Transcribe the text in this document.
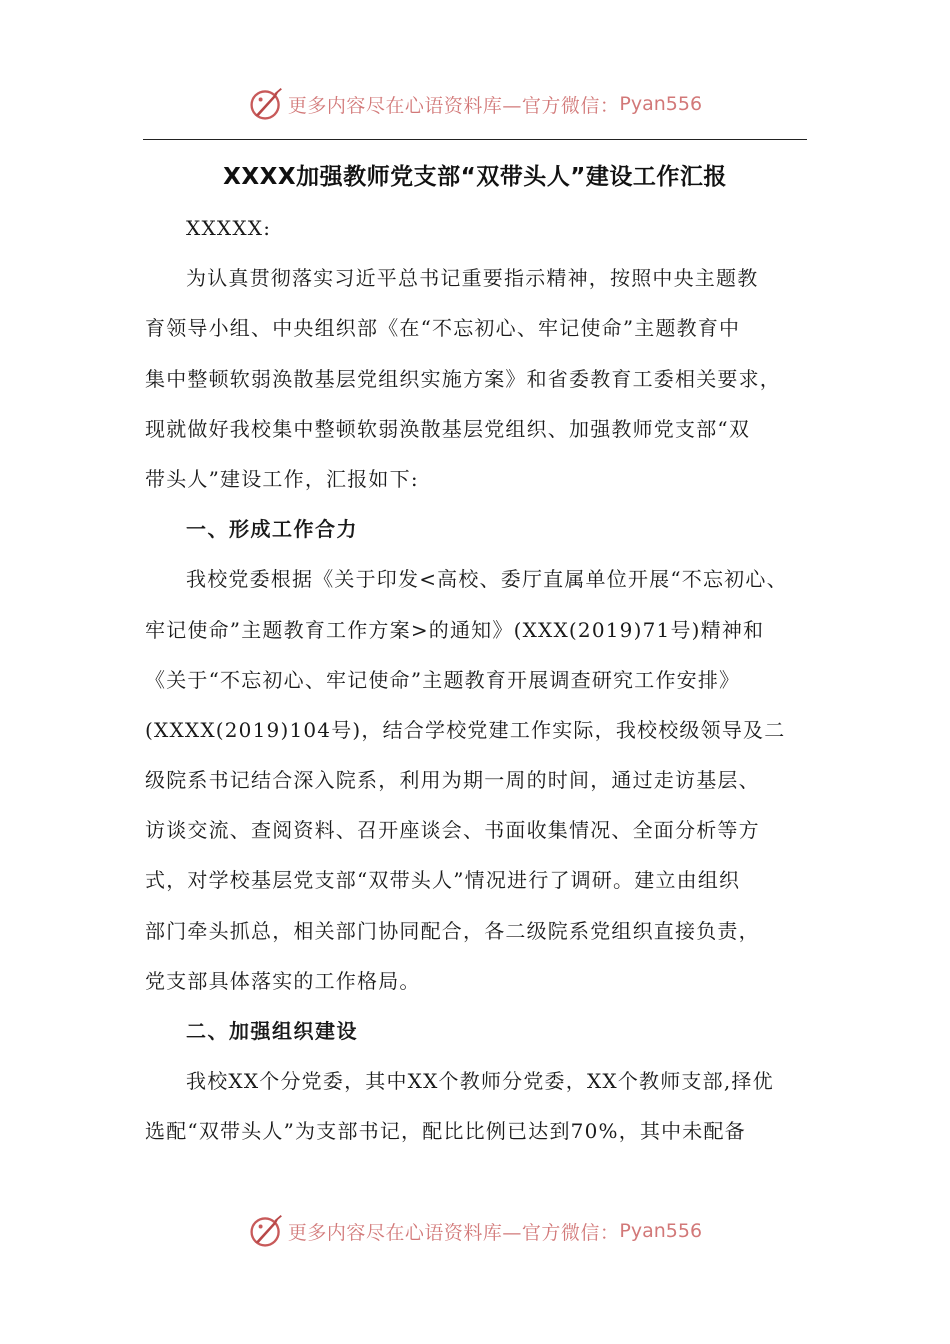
更多内容尽在心语资料库—官方微信： Pyan556
XXXX加强教师党支部“双带头人”建设工作汇报
XXXXX:
为认真贯彻落实习近平总书记重要指示精神，按照中央主题教
育领导小组、中央组织部《在“不忘初心、牢记使命”主题教育中
集中整顿软弱涣散基层党组织实施方案》和省委教育工委相关要求，
现就做好我校集中整顿软弱涣散基层党组织、加强教师党支部“双
带头人”建设工作，汇报如下:
一、形成工作合力
我校党委根据《关于印发<高校、委厅直属单位开展“不忘初心、
牢记使命”主题教育工作方案>的通知》(XXX(2019)71号)精神和
《关于“不忘初心、牢记使命”主题教育开展调查研究工作安排》
(XXXX(2019)104号)，结合学校党建工作实际，我校校级领导及二
级院系书记结合深入院系，利用为期一周的时间，通过走访基层、
访谈交流、查阅资料、召开座谈会、书面收集情况、全面分析等方
式，对学校基层党支部“双带头人”情况进行了调研。建立由组织
部门牵头抓总，相关部门协同配合，各二级院系党组织直接负责，
党支部具体落实的工作格局。
二、加强组织建设
我校XX个分党委，其中XX个教师分党委，XX个教师支部,择优
选配“双带头人”为支部书记，配比比例已达到70%，其中未配备
更多内容尽在心语资料库—官方微信： Pyan556
